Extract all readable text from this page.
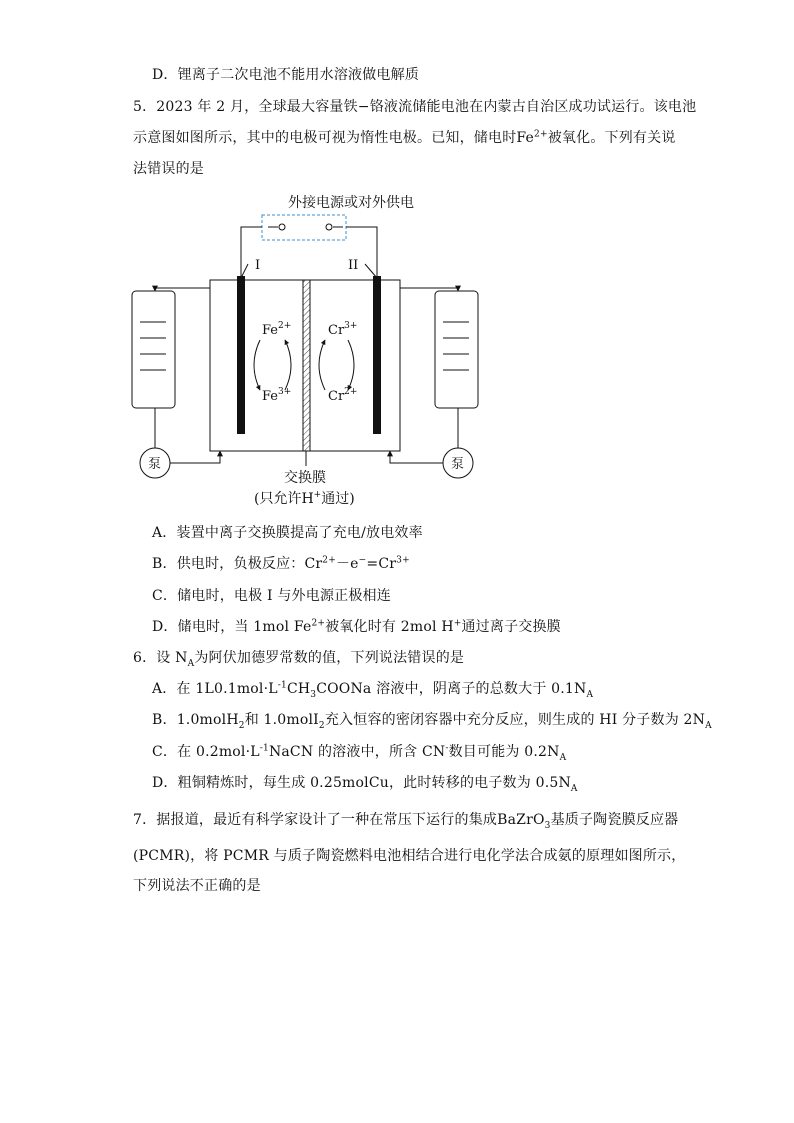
D．锂离子二次电池不能用水溶液做电解质
5．2023 年 2 月，全球最大容量铁−铬液流储能电池在内蒙古自治区成功试运行。该电池
示意图如图所示，其中的电极可视为惰性电极。已知，储电时$Fe^{2+}$被氧化。下列有关说
法错误的是
外接电源或对外供电
I	II
$Fe^{2+}$
$Fe^{3+}$
$Cr^{3+}$
$Cr^{2+}$
泵	泵
交换膜
(只允许H+通过)
A．装置中离子交换膜提高了充电/放电效率
B．供电时，负极反应：$Cr^{2+}-e^-=Cr^{3+}$
C．储电时，电极 I 与外电源正极相连
D．储电时，当 1mol $Fe^{2+}$被氧化时有 2mol H+通过离子交换膜
6．设 $N_A$为阿伏加德罗常数的值，下列说法错误的是
A．在 $1L0.1mol\cdot L^{-1}CH_3COONa$ 溶液中，阴离子的总数大于 $0.1N_A$
B．1.0molH$_2$和 1.0molI$_2$充入恒容的密闭容器中充分反应，则生成的 HI 分子数为 $2N_A$
C．在 $0.2mol\cdot L^{-1}NaCN$ 的溶液中，所含 CN-数目可能为 $0.2N_A$
D．粗铜精炼时，每生成 0.25molCu，此时转移的电子数为 $0.5N_A$
7．据报道，最近有科学家设计了一种在常压下运行的集成BaZrO$_3$基质子陶瓷膜反应器
(PCMR)，将 PCMR 与质子陶瓷燃料电池相结合进行电化学法合成氨的原理如图所示，
下列说法不正确的是
